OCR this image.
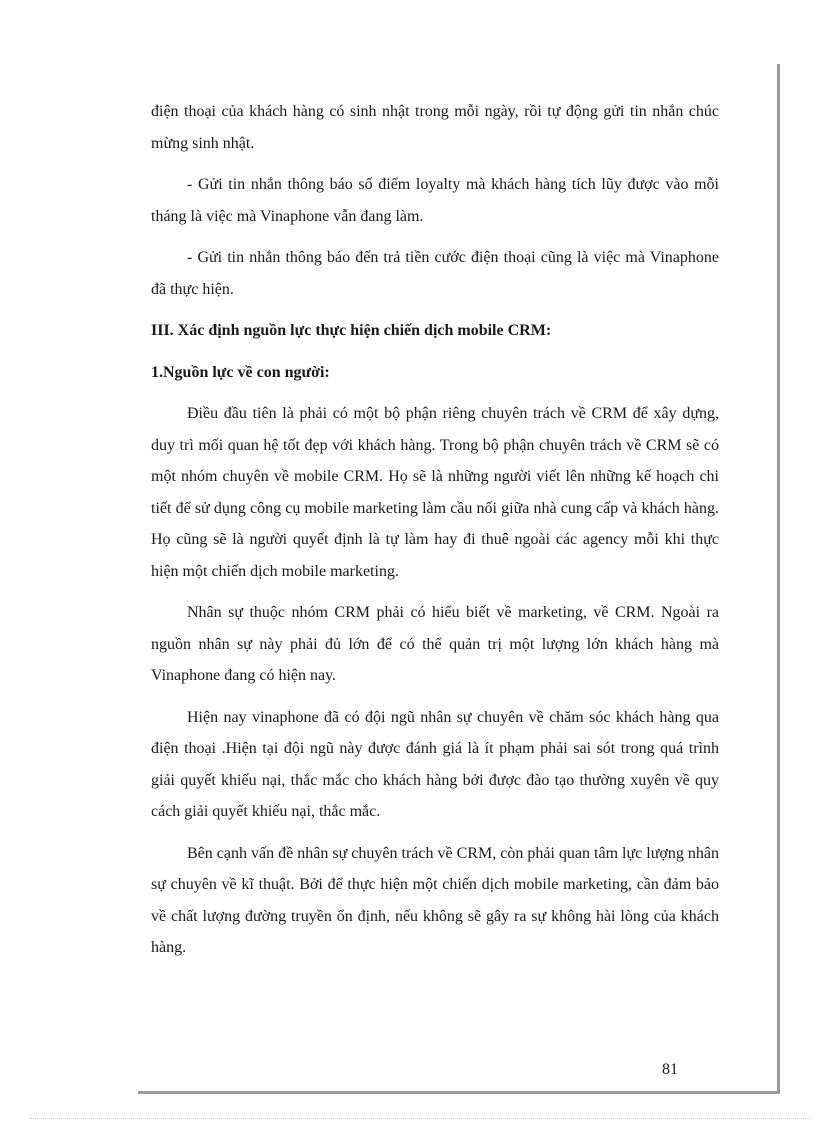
điện thoại của khách hàng có sinh nhật trong mỗi ngày, rồi tự động gửi tin nhắn chúc mừng sinh nhật.

- Gửi tin nhắn thông báo số điểm loyalty mà khách hàng tích lũy được vào mỗi tháng là việc mà Vinaphone vẫn đang làm.

- Gửi tin nhắn thông báo đến trả tiền cước điện thoại cũng là việc mà Vinaphone đã thực hiện.

III. Xác định nguồn lực thực hiện chiến dịch mobile CRM:

1.Nguồn lực về con người:

Điều đầu tiên là phải có một bộ phận riêng chuyên trách về CRM để xây dựng, duy trì mối quan hệ tốt đẹp với khách hàng. Trong bộ phận chuyên trách về CRM sẽ có một nhóm chuyên về mobile CRM. Họ sẽ là những người viết lên những kế hoạch chi tiết để sử dụng công cụ mobile marketing làm cầu nối giữa nhà cung cấp và khách hàng. Họ cũng sẽ là người quyết định là tự làm hay đi thuê ngoài các agency mỗi khi thực hiện một chiến dịch mobile marketing.

Nhân sự thuộc nhóm CRM phải có hiểu biết về marketing, về CRM. Ngoài ra nguồn nhân sự này phải đủ lớn để có thể quản trị một lượng lớn khách hàng mà Vinaphone đang có hiện nay.

Hiện nay vinaphone đã có đội ngũ nhân sự chuyên về chăm sóc khách hàng qua điện thoại .Hiện tại đội ngũ này được đánh giá là ít phạm phải sai sót trong quá trình giải quyết khiếu nại, thắc mắc cho khách hàng bởi được đào tạo thường xuyên về quy cách giải quyết khiếu nại, thắc mắc.

Bên cạnh vấn đề nhân sự chuyên trách về CRM, còn phải quan tâm lực lượng nhân sự chuyên về kĩ thuật. Bởi để thực hiện một chiến dịch mobile marketing, cần đảm bảo về chất lượng đường truyền ổn định, nếu không sẽ gây ra sự không hài lòng của khách hàng.

81
